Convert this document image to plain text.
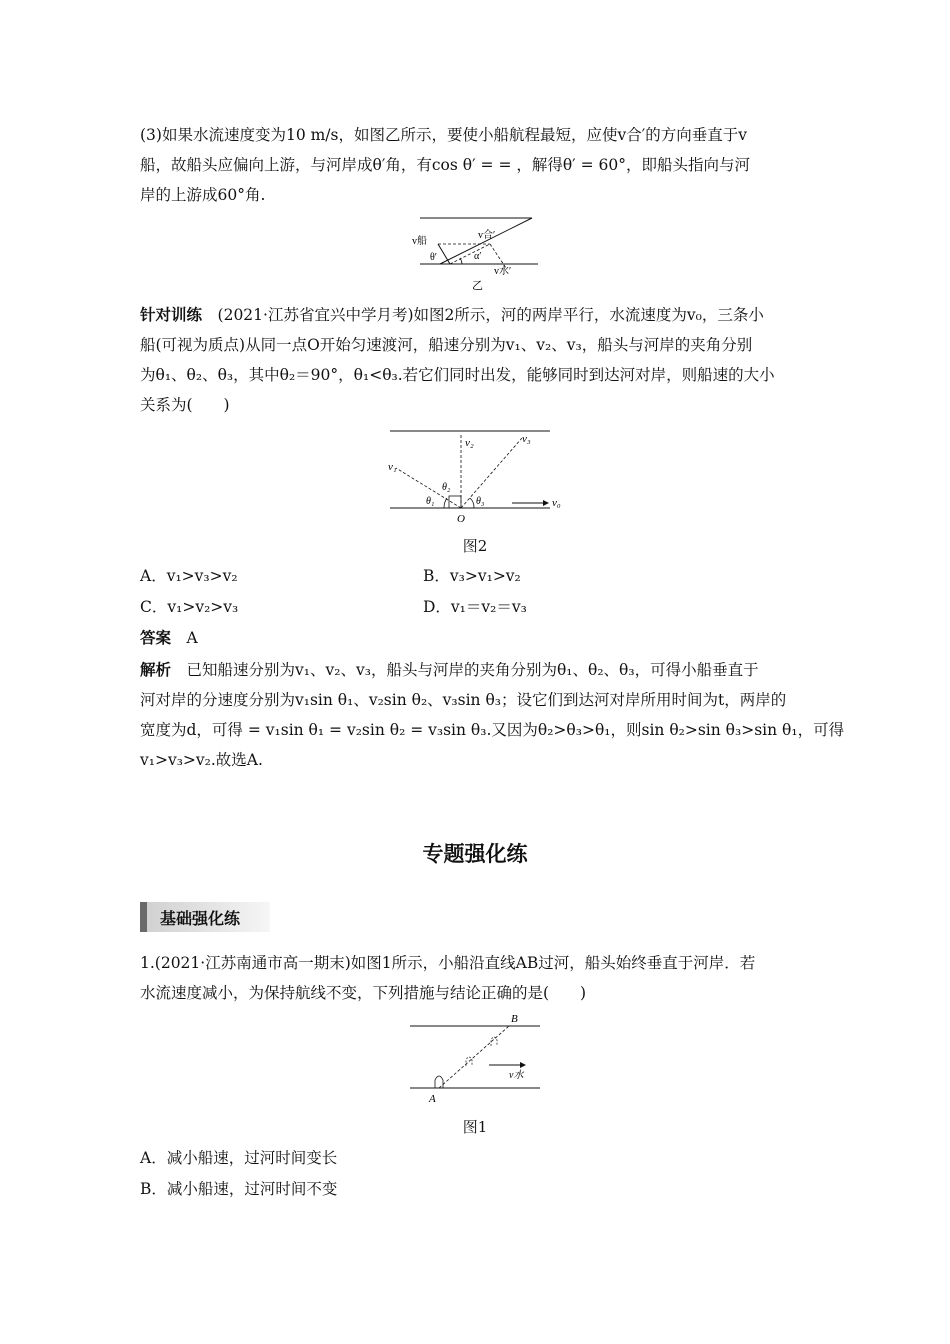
(3)如果水流速度变为10 m/s，如图乙所示，要使小船航程最短，应使v合′的方向垂直于v
船，故船头应偏向上游，与河岸成θ′角，有cos θ′ = = ，解得θ′ = 60°，即船头指向与河
岸的上游成60°角.
v船
v合′
θ′	α′
v水′
乙
针对训练　 (2021·江苏省宜兴中学月考)如图2所示，河的两岸平行，水流速度为v₀，三条小
船(可视为质点)从同一点O开始匀速渡河，船速分别为v₁、v₂、v₃，船头与河岸的夹角分别
为θ₁、θ₂、θ₃，其中θ₂＝90°，θ₁<θ₃.若它们同时出发，能够同时到达河对岸，则船速的大小
关系为(　　)
v₁
v₂	v₃
v₀
θ₁
θ₂
θ₃
O
图2
A．v₁>v₃>v₂	B．v₃>v₁>v₂
C．v₁>v₂>v₃	D．v₁＝v₂＝v₃
答案　 A
解析　 已知船速分别为v₁、v₂、v₃，船头与河岸的夹角分别为θ₁、θ₂、θ₃，可得小船垂直于
河对岸的分速度分别为v₁sin θ₁、v₂sin θ₂、v₃sin θ₃；设它们到达河对岸所用时间为t，两岸的
宽度为d，可得 = v₁sin θ₁ = v₂sin θ₂ = v₃sin θ₃.又因为θ₂>θ₃>θ₁，则sin θ₂>sin θ₃>sin θ₁，可得
v₁>v₃>v₂.故选A.
专题强化练
基础强化练
1.(2021·江苏南通市高一期末)如图1所示，小船沿直线AB过河，船头始终垂直于河岸．若
水流速度减小，为保持航线不变，下列措施与结论正确的是(　　)
A
B
v水
图1
A．减小船速，过河时间变长
B．减小船速，过河时间不变
